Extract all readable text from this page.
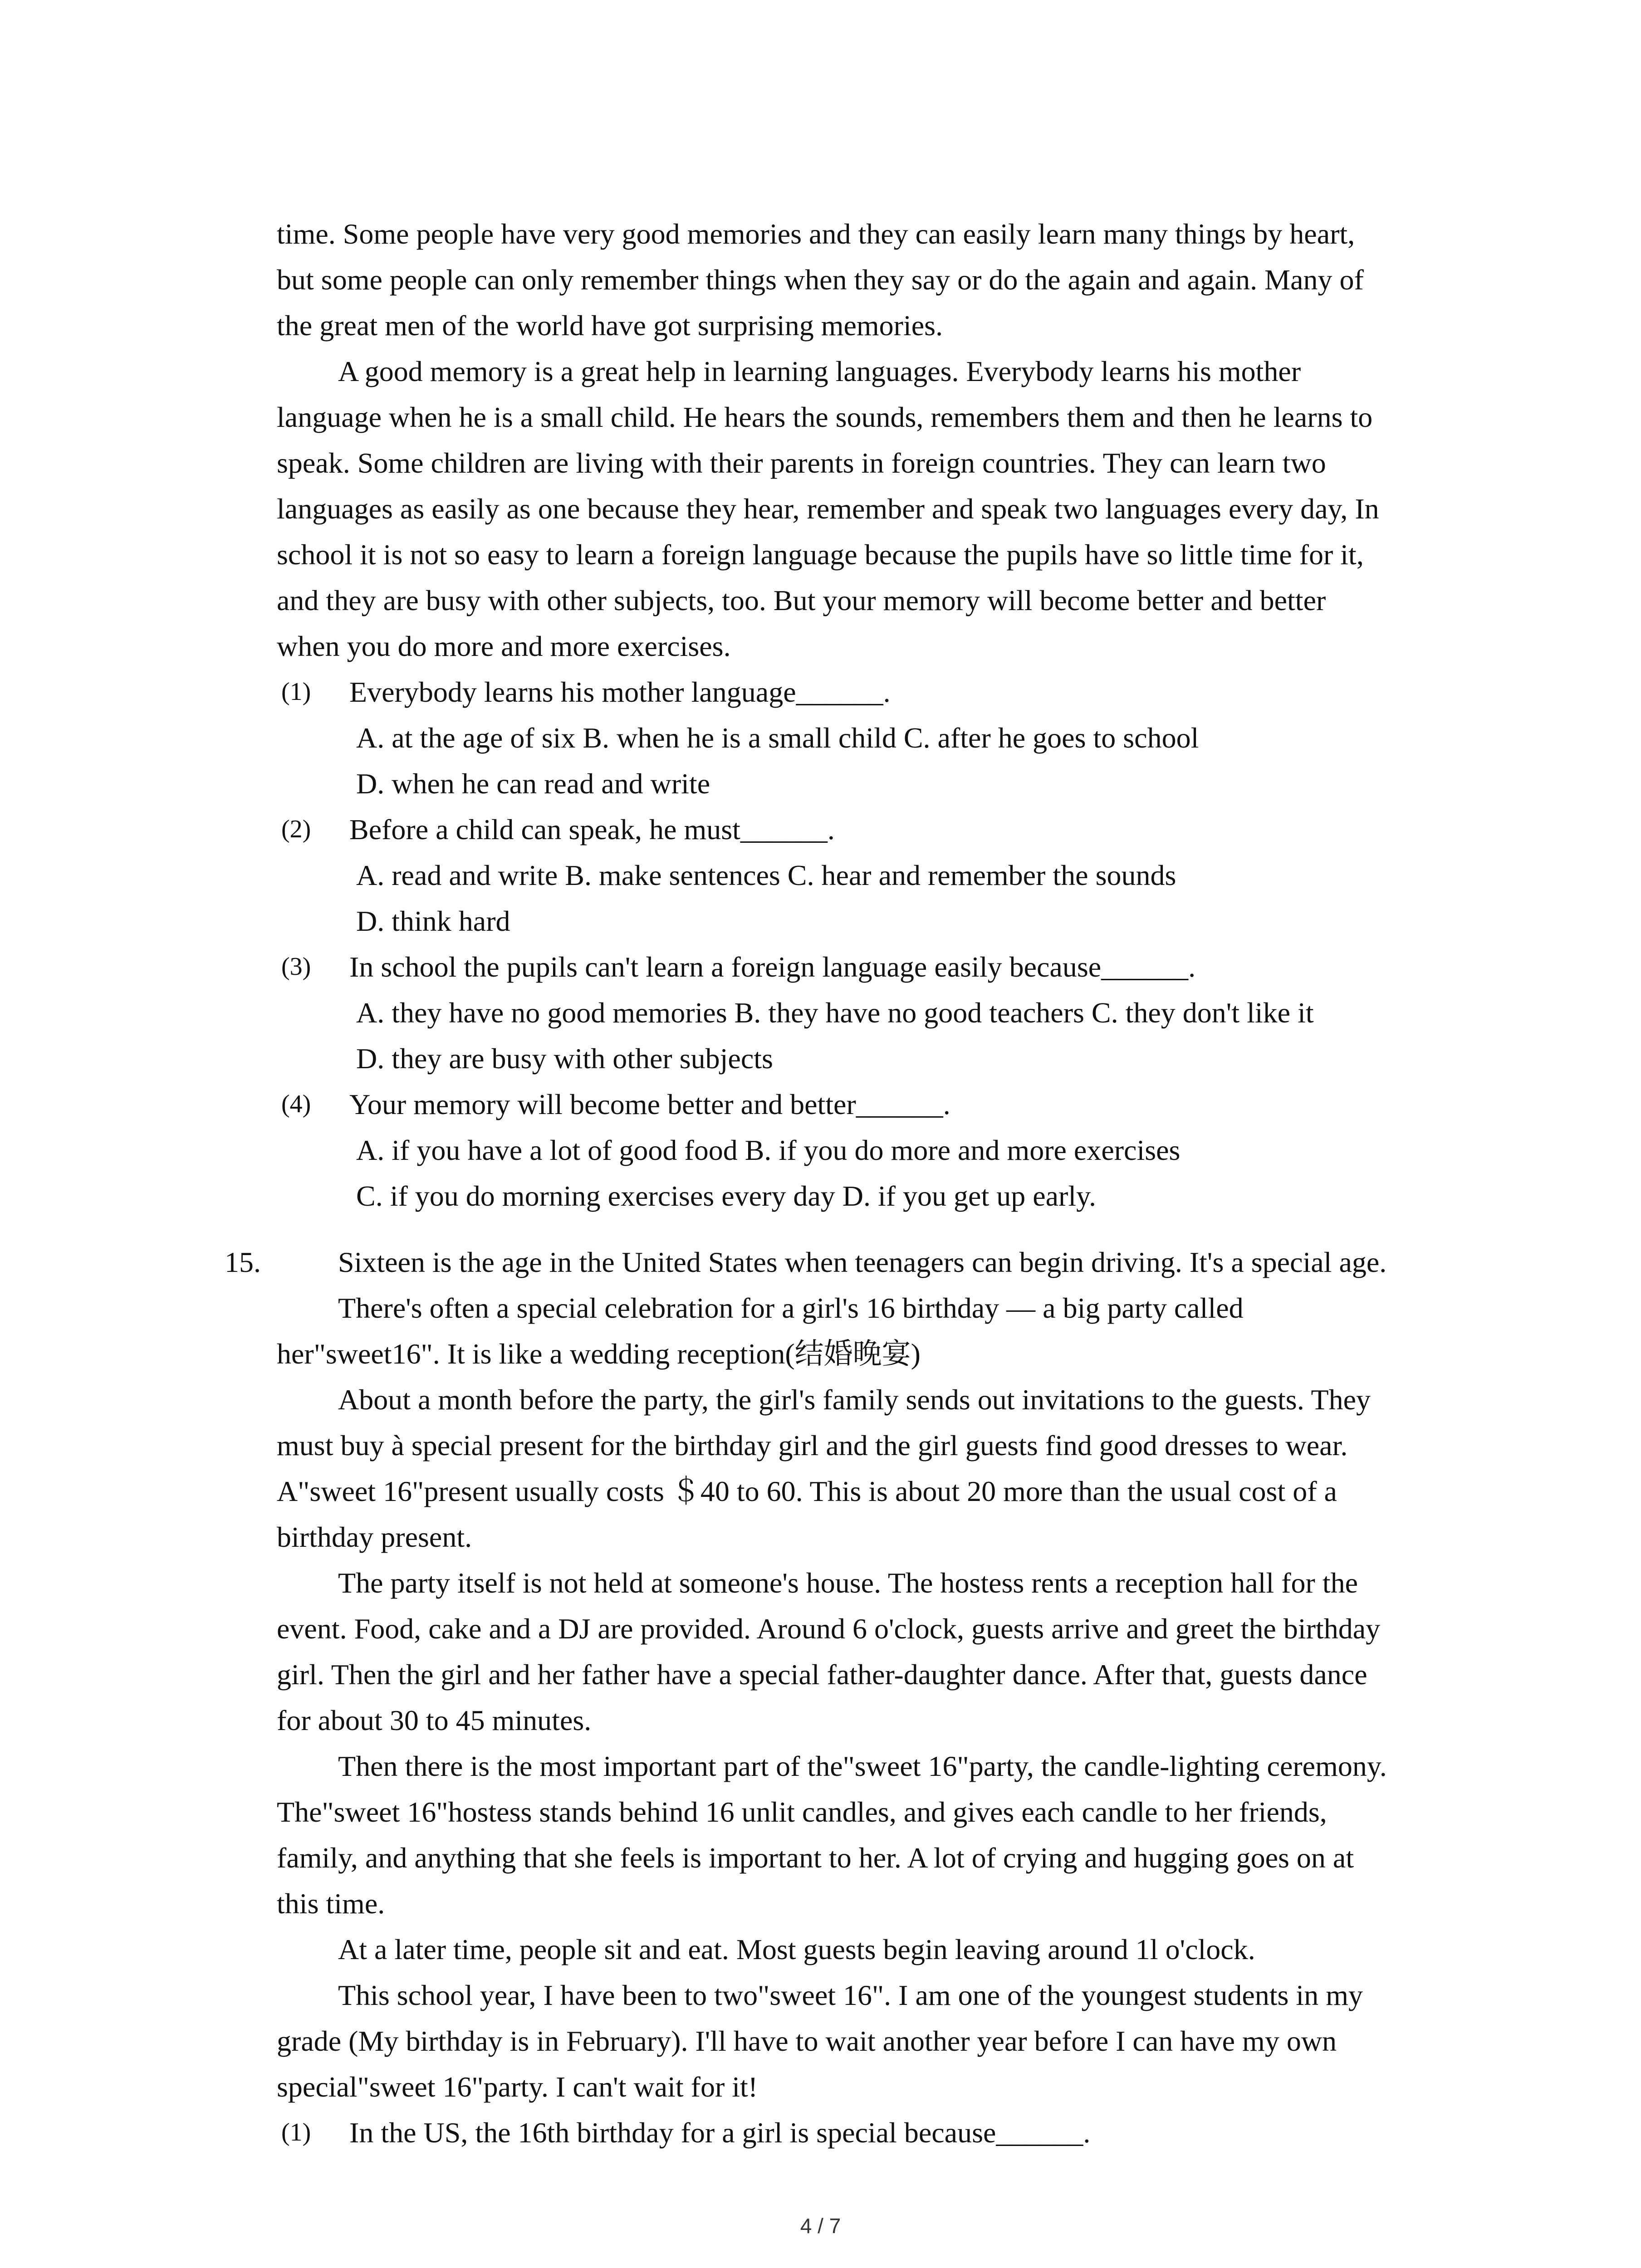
time. Some people have very good memories and they can easily learn many things by heart,
but some people can only remember things when they say or do the again and again. Many of
the great men of the world have got surprising memories.
A good memory is a great help in learning languages. Everybody learns his mother
language when he is a small child. He hears the sounds, remembers them and then he learns to
speak. Some children are living with their parents in foreign countries. They can learn two
languages as easily as one because they hear, remember and speak two languages every day, In
school it is not so easy to learn a foreign language because the pupils have so little time for it,
and they are busy with other subjects, too. But your memory will become better and better
when you do more and more exercises.
(1) Everybody learns his mother language______.
A. at the age of six B. when he is a small child C. after he goes to school
D. when he can read and write
(2) Before a child can speak, he must______.
A. read and write B. make sentences C. hear and remember the sounds
D. think hard
(3) In school the pupils can't learn a foreign language easily because______.
A. they have no good memories B. they have no good teachers C. they don't like it
D. they are busy with other subjects
(4) Your memory will become better and better______.
A. if you have a lot of good food B. if you do more and more exercises
C. if you do morning exercises every day D. if you get up early.
15.	Sixteen is the age in the United States when teenagers can begin driving. It's a special age.
There's often a special celebration for a girl's 16 birthday — a big party called
her"sweet16". It is like a wedding reception(结婚晚宴)
About a month before the party, the girl's family sends out invitations to the guests. They
must buy à special present for the birthday girl and the girl guests find good dresses to wear.
A"sweet 16"present usually costs ＄40 to 60. This is about 20 more than the usual cost of a
birthday present.
The party itself is not held at someone's house. The hostess rents a reception hall for the
event. Food, cake and a DJ are provided. Around 6 o'clock, guests arrive and greet the birthday
girl. Then the girl and her father have a special father-daughter dance. After that, guests dance
for about 30 to 45 minutes.
Then there is the most important part of the"sweet 16"party, the candle-lighting ceremony.
The"sweet 16"hostess stands behind 16 unlit candles, and gives each candle to her friends,
family, and anything that she feels is important to her. A lot of crying and hugging goes on at
this time.
At a later time, people sit and eat. Most guests begin leaving around 1l o'clock.
This school year, I have been to two"sweet 16". I am one of the youngest students in my
grade (My birthday is in February). I'll have to wait another year before I can have my own
special"sweet 16"party. I can't wait for it!
(1) In the US, the 16th birthday for a girl is special because______.
4 / 7
